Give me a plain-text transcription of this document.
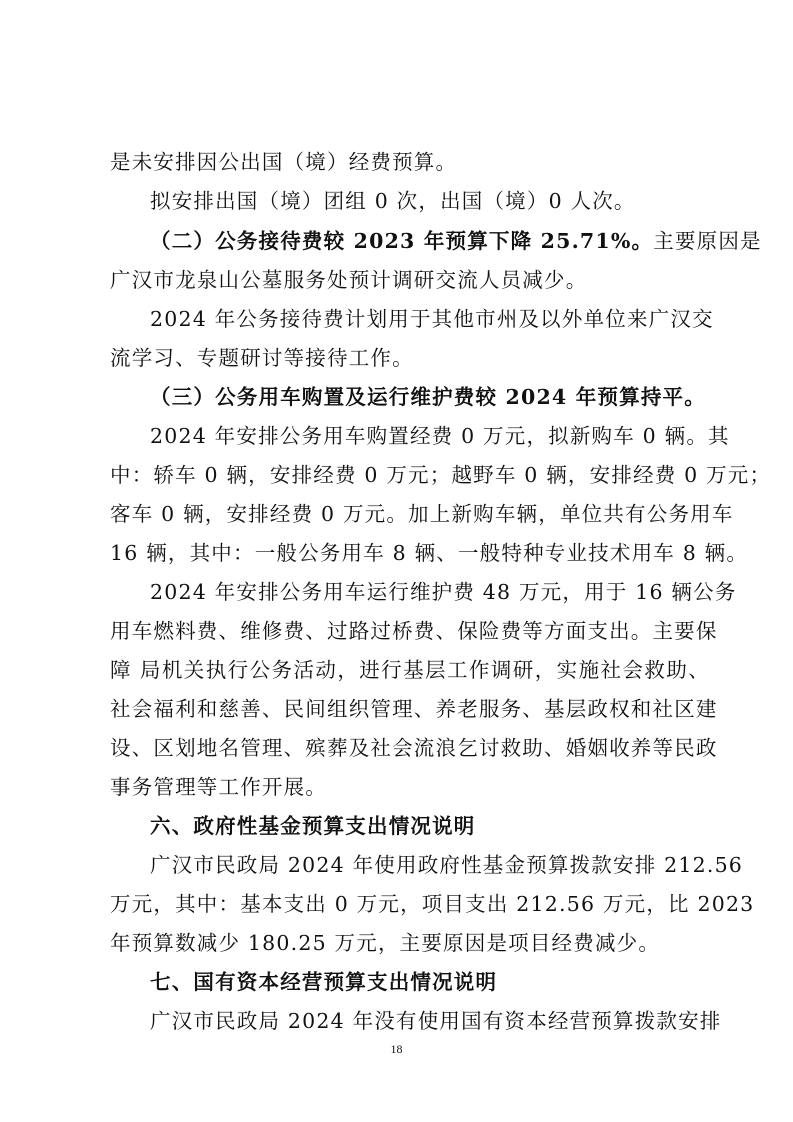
是未安排因公出国（境）经费预算。
拟安排出国（境）团组 0 次，出国（境）0 人次。
（二）公务接待费较 2023 年预算下降 25.71%。主要原因是
广汉市龙泉山公墓服务处预计调研交流人员减少。
2024 年公务接待费计划用于其他市州及以外单位来广汉交
流学习、专题研讨等接待工作。
（三）公务用车购置及运行维护费较 2024 年预算持平。
2024 年安排公务用车购置经费 0 万元，拟新购车 0 辆。其
中：轿车 0 辆，安排经费 0 万元；越野车 0 辆，安排经费 0 万元；
客车 0 辆，安排经费 0 万元。加上新购车辆，单位共有公务用车
16 辆，其中：一般公务用车 8 辆、一般特种专业技术用车 8 辆。
2024 年安排公务用车运行维护费 48 万元，用于 16 辆公务
用车燃料费、维修费、过路过桥费、保险费等方面支出。主要保
障 局机关执行公务活动，进行基层工作调研，实施社会救助、
社会福利和慈善、民间组织管理、养老服务、基层政权和社区建
设、区划地名管理、殡葬及社会流浪乞讨救助、婚姻收养等民政
事务管理等工作开展。
六、政府性基金预算支出情况说明
广汉市民政局 2024 年使用政府性基金预算拨款安排 212.56
万元，其中：基本支出 0 万元，项目支出 212.56 万元，比 2023
年预算数减少 180.25 万元，主要原因是项目经费减少。
七、国有资本经营预算支出情况说明
广汉市民政局 2024 年没有使用国有资本经营预算拨款安排
18
